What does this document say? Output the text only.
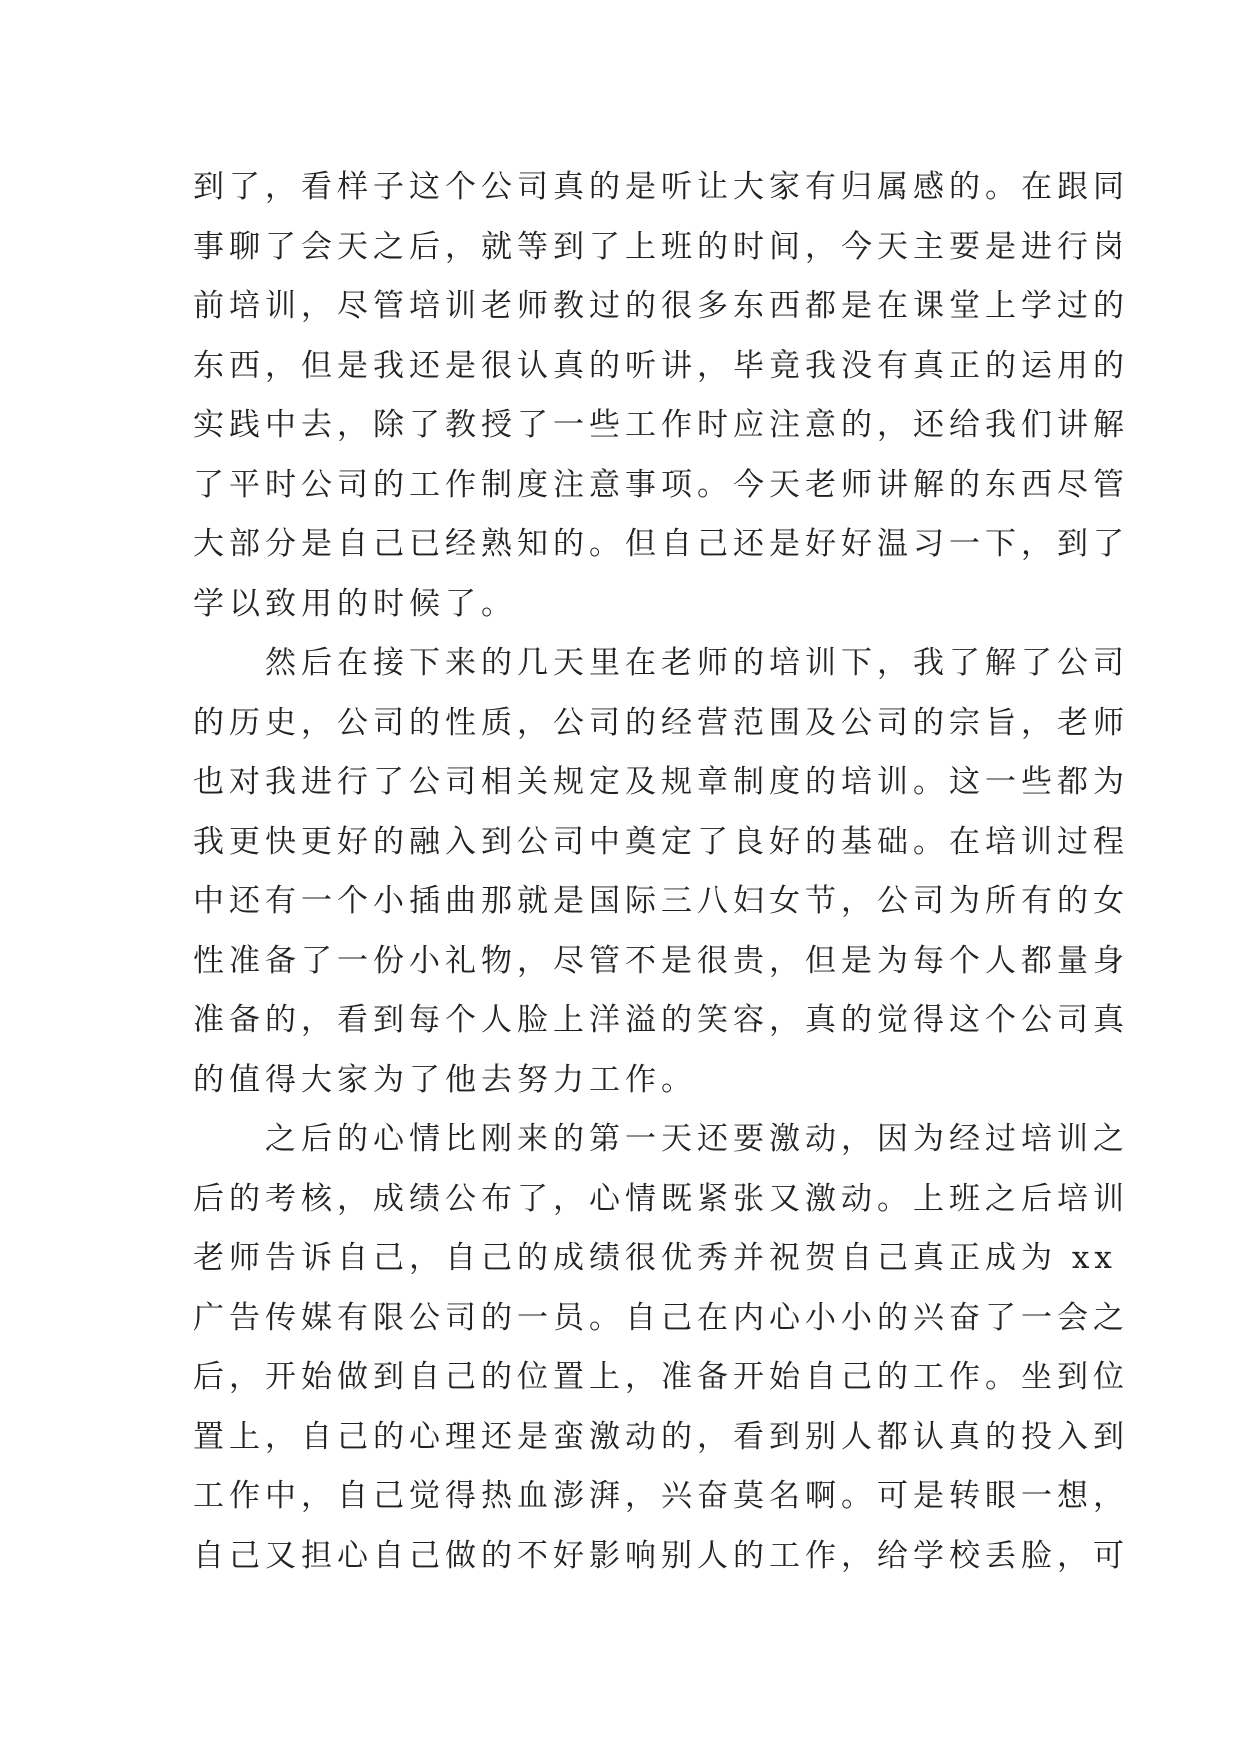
到了，看样子这个公司真的是听让大家有归属感的。在跟同
事聊了会天之后，就等到了上班的时间，今天主要是进行岗
前培训，尽管培训老师教过的很多东西都是在课堂上学过的
东西，但是我还是很认真的听讲，毕竟我没有真正的运用的
实践中去，除了教授了一些工作时应注意的，还给我们讲解
了平时公司的工作制度注意事项。今天老师讲解的东西尽管
大部分是自己已经熟知的。但自己还是好好温习一下，到了
学以致用的时候了。
然后在接下来的几天里在老师的培训下，我了解了公司
的历史，公司的性质，公司的经营范围及公司的宗旨，老师
也对我进行了公司相关规定及规章制度的培训。这一些都为
我更快更好的融入到公司中奠定了良好的基础。在培训过程
中还有一个小插曲那就是国际三八妇女节，公司为所有的女
性准备了一份小礼物，尽管不是很贵，但是为每个人都量身
准备的，看到每个人脸上洋溢的笑容，真的觉得这个公司真
的值得大家为了他去努力工作。
之后的心情比刚来的第一天还要激动，因为经过培训之
后的考核，成绩公布了，心情既紧张又激动。上班之后培训
老师告诉自己，自己的成绩很优秀并祝贺自己真正成为 xx
广告传媒有限公司的一员。自己在内心小小的兴奋了一会之
后，开始做到自己的位置上，准备开始自己的工作。坐到位
置上，自己的心理还是蛮激动的，看到别人都认真的投入到
工作中，自己觉得热血澎湃，兴奋莫名啊。可是转眼一想，
自己又担心自己做的不好影响别人的工作，给学校丢脸，可
